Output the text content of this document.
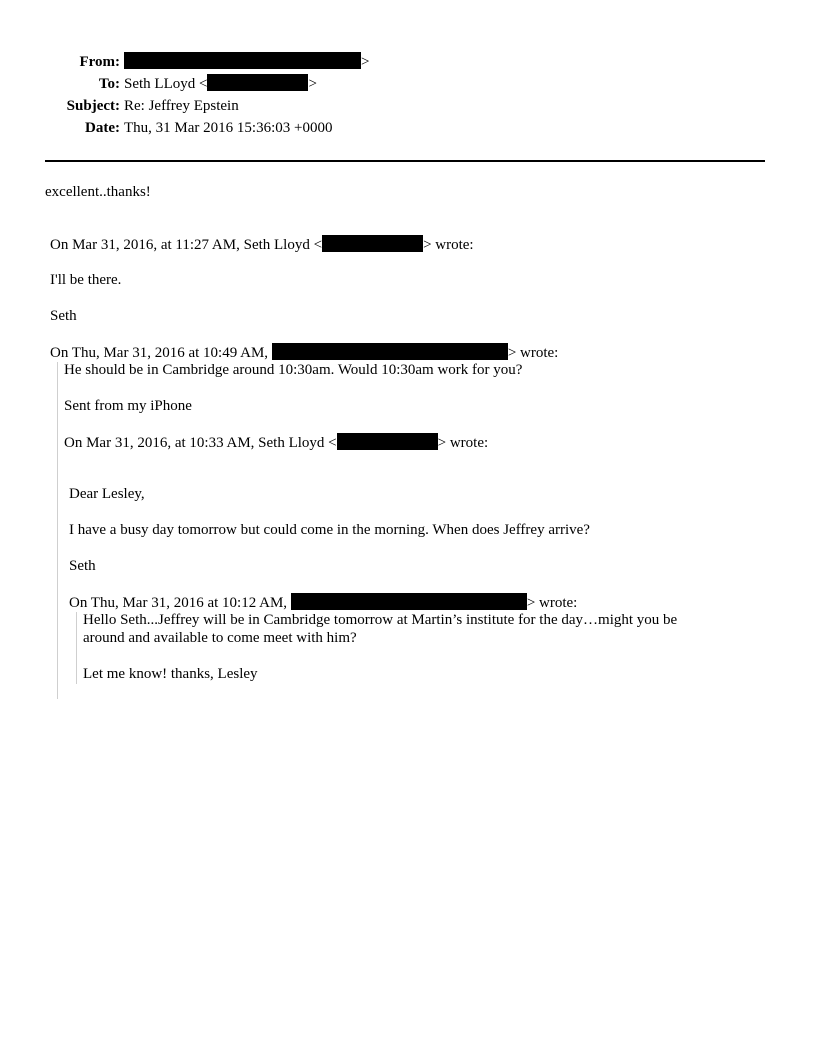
From:	>
To: Seth LLoyd <	>
Subject: Re: Jeffrey Epstein
Date: Thu, 31 Mar 2016 15:36:03 +0000
excellent..thanks!
On Mar 31, 2016, at 11:27 AM, Seth Lloyd <	> wrote:
I'll be there.
Seth
On Thu, Mar 31, 2016 at 10:49 AM,	> wrote:
He should be in Cambridge around 10:30am. Would 10:30am work for you?
Sent from my iPhone
On Mar 31, 2016, at 10:33 AM, Seth Lloyd <	> wrote:
Dear Lesley,
I have a busy day tomorrow but could come in the morning. When does Jeffrey arrive?
Seth
On Thu, Mar 31, 2016 at 10:12 AM,	> wrote:
Hello Seth...Jeffrey will be in Cambridge tomorrow at Martin’s institute for the day…might you be
around and available to come meet with him?
Let me know! thanks, Lesley
